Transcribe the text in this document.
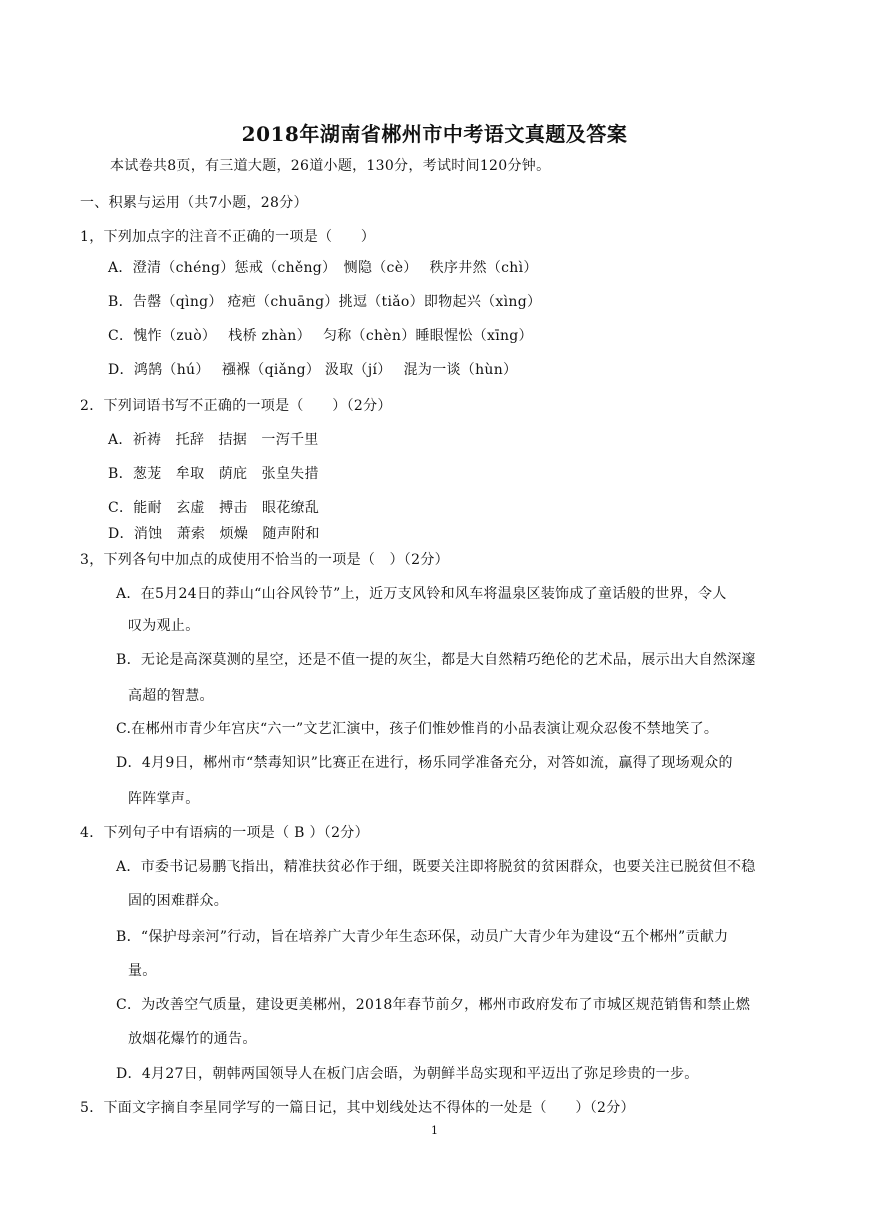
2018年湖南省郴州市中考语文真题及答案
本试卷共8页，有三道大题，26道小题，130分，考试时间120分钟。
一、积累与运用（共7小题，28分）
1，下列加点字的注音不正确的一项是（　　）
A．澄清（chéng）惩戒（chěng）　恻隐（cè）　 秩序井然（chì）
B．告罄（qìng） 疮疤（chuāng）挑逗（tiǎo）即物起兴（xìng）
C．愧怍（zuò）　 栈桥 zhàn）　 匀称（chèn）睡眼惺忪（xīng）
D．鸿鹄（hú）　 襁褓（qiǎng） 汲取（jí）　 混为一谈（hùn）
2．下列词语书写不正确的一项是（　　）（2分）
A．祈祷　托辞　拮据　一泻千里
B．葱茏　牟取　荫庇　张皇失措
C．能耐　玄虚　搏击　眼花缭乱
D．消蚀　萧索　烦燥　随声附和
3，下列各句中加点的成使用不恰当的一项是（　）（2分）
A．在5月24日的莽山“山谷风铃节”上，近万支风铃和风车将温泉区装饰成了童话般的世界，令人
叹为观止。
B．无论是高深莫测的星空，还是不值一提的灰尘，都是大自然精巧绝伦的艺术品，展示出大自然深邃
高超的智慧。
C.在郴州市青少年宫庆“六一”文艺汇演中，孩子们惟妙惟肖的小品表演让观众忍俊不禁地笑了。
D．4月9日，郴州市“禁毒知识”比赛正在进行，杨乐同学准备充分，对答如流，赢得了现场观众的
阵阵掌声。
4．下列句子中有语病的一项是（ B ）（2分）
A．市委书记易鹏飞指出，精准扶贫必作于细，既要关注即将脱贫的贫困群众，也要关注已脱贫但不稳
固的困难群众。
B．“保护母亲河”行动，旨在培养广大青少年生态环保，动员广大青少年为建设“五个郴州”贡献力
量。
C．为改善空气质量，建设更美郴州，2018年春节前夕，郴州市政府发布了市城区规范销售和禁止燃
放烟花爆竹的通告。
D．4月27日，朝韩两国领导人在板门店会晤，为朝鲜半岛实现和平迈出了弥足珍贵的一步。
5．下面文字摘自李星同学写的一篇日记，其中划线处达不得体的一处是（　　）（2分）
1
